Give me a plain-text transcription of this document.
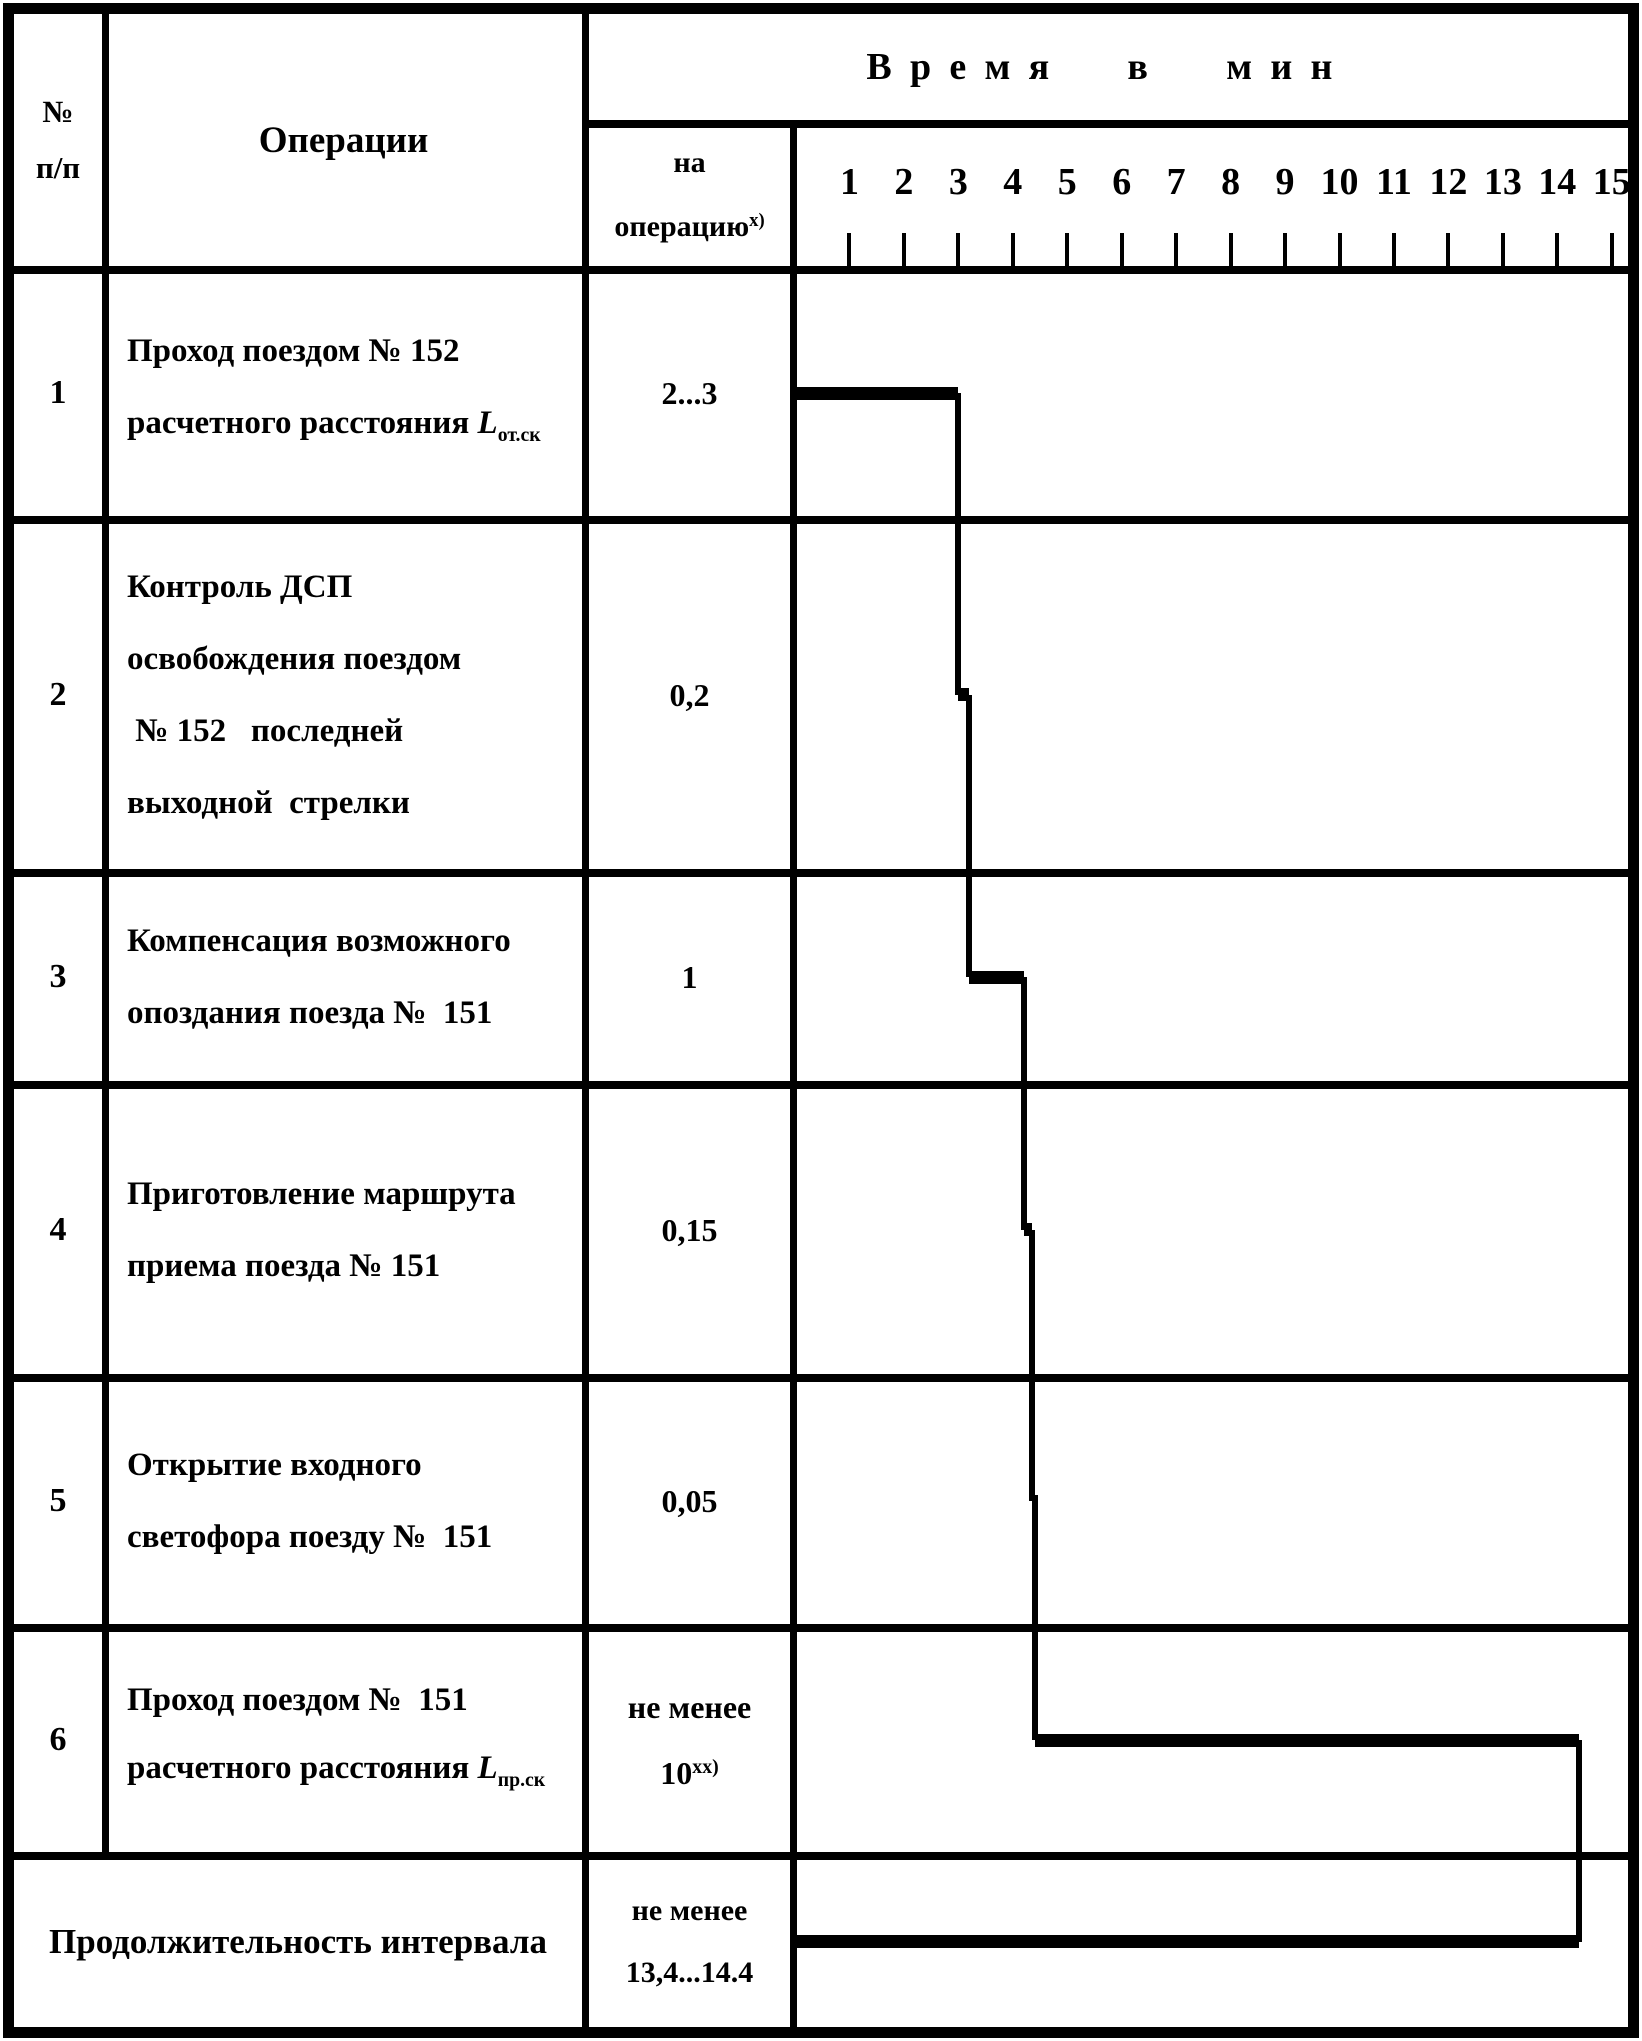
№
п/п
Операции
Время в мин
на
операцию$^{х)}$
1
Проход поездом № 152
расчетного расстояния $L_{от.ск}$
2...3
2
Контроль ДСП
освобождения поездом
№ 152   последней
выходной  стрелки
0,2
3
Компенсация возможного
опоздания поезда №  151
1
4
Приготовление маршрута
приема поезда № 151
0,15
5
Открытие входного
светофора поезду №  151
0,05
6
Проход поездом №  151
расчетного расстояния $L_{пр.ск}$
не менее
$10^{хх)}$
Продолжительность интервала
не менее
13,4...14.4
1 2 3 4 5 6 7 8 9 10 11 12 13 14 15
